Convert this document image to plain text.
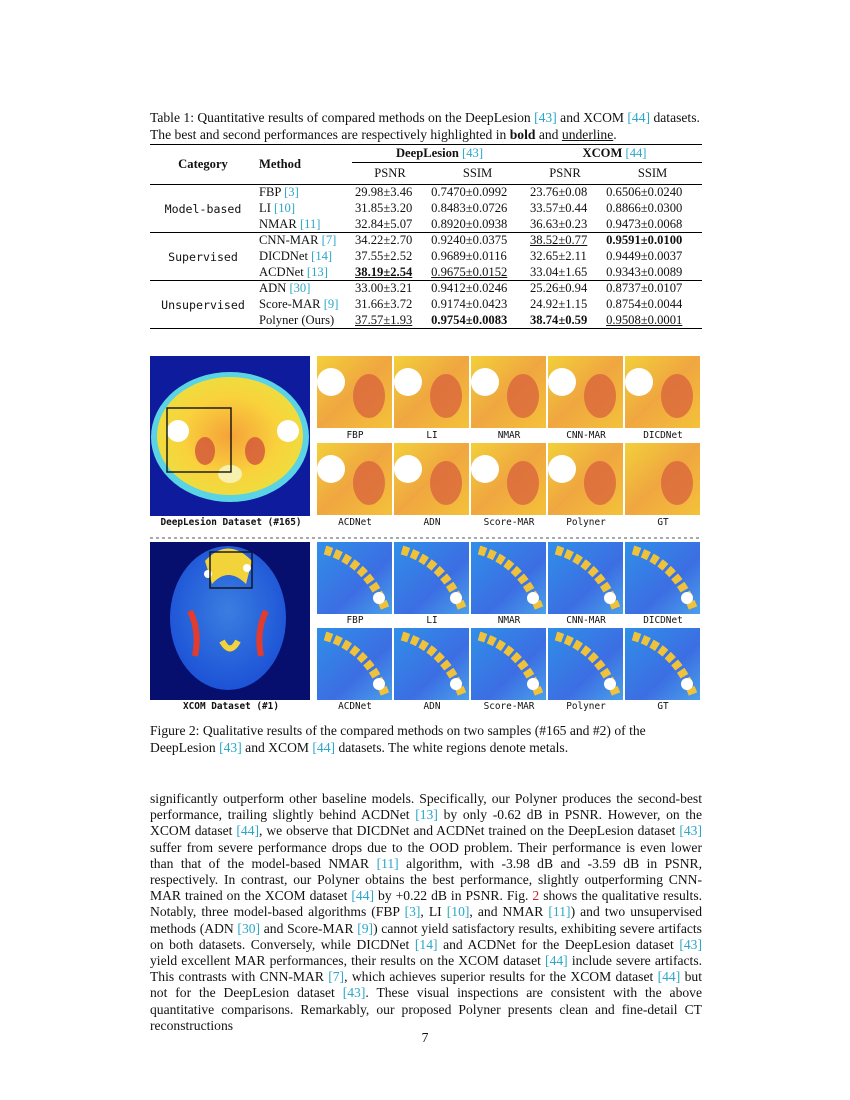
Table 1: Quantitative results of compared methods on the DeepLesion [43] and XCOM [44] datasets.
The best and second performances are respectively highlighted in bold and underline.
Category	Method	DeepLesion [43]		XCOM [44]	
		PSNR	SSIM	PSNR	SSIM
Model-based	FBP [3]	29.98±3.46	0.7470±0.0992	23.76±0.08	0.6506±0.0240
	LI [10]	31.85±3.20	0.8483±0.0726	33.57±0.44	0.8866±0.0300
	NMAR [11]	32.84±5.07	0.8920±0.0938	36.63±0.23	0.9473±0.0068
Supervised	CNN-MAR [7]	34.22±2.70	0.9240±0.0375	38.52±0.77	0.9591±0.0100
	DICDNet [14]	37.55±2.52	0.9689±0.0116	32.65±2.11	0.9449±0.0037
	ACDNet [13]	38.19±2.54	0.9675±0.0152	33.04±1.65	0.9343±0.0089
Unsupervised	ADN [30]	33.00±3.21	0.9412±0.0246	25.26±0.94	0.8737±0.0107
	Score-MAR [9]	31.66±3.72	0.9174±0.0423	24.92±1.15	0.8754±0.0044
	Polyner (Ours)	37.57±1.93	0.9754±0.0083	38.74±0.59	0.9508±0.0001
FBP	LI	NMAR	CNN-MAR	DICDNet
ACDNet	ADN	Score-MAR	Polyner	GT
FBP	LI	NMAR	CNN-MAR	DICDNet
ACDNet	ADN	Score-MAR	Polyner	GT
DeepLesion Dataset (#165)
XCOM Dataset (#1)
Figure 2: Qualitative results of the compared methods on two samples (#165 and #2) of the
DeepLesion [43] and XCOM [44] datasets. The white regions denote metals.
significantly outperform other baseline models. Specifically, our Polyner produces the second-best performance, trailing slightly behind ACDNet [13] by only -0.62 dB in PSNR. However, on the XCOM dataset [44], we observe that DICDNet and ACDNet trained on the DeepLesion dataset [43] suffer from severe performance drops due to the OOD problem. Their performance is even lower than that of the model-based NMAR [11] algorithm, with -3.98 dB and -3.59 dB in PSNR, respectively. In contrast, our Polyner obtains the best performance, slightly outperforming CNN-MAR trained on the XCOM dataset [44] by +0.22 dB in PSNR. Fig. 2 shows the qualitative results. Notably, three model-based algorithms (FBP [3], LI [10], and NMAR [11]) and two unsupervised methods (ADN [30] and Score-MAR [9]) cannot yield satisfactory results, exhibiting severe artifacts on both datasets. Conversely, while DICDNet [14] and ACDNet for the DeepLesion dataset [43] yield excellent MAR performances, their results on the XCOM dataset [44] include severe artifacts. This contrasts with CNN-MAR [7], which achieves superior results for the XCOM dataset [44] but not for the DeepLesion dataset [43]. These visual inspections are consistent with the above quantitative comparisons. Remarkably, our proposed Polyner presents clean and fine-detail CT reconstructions
7
